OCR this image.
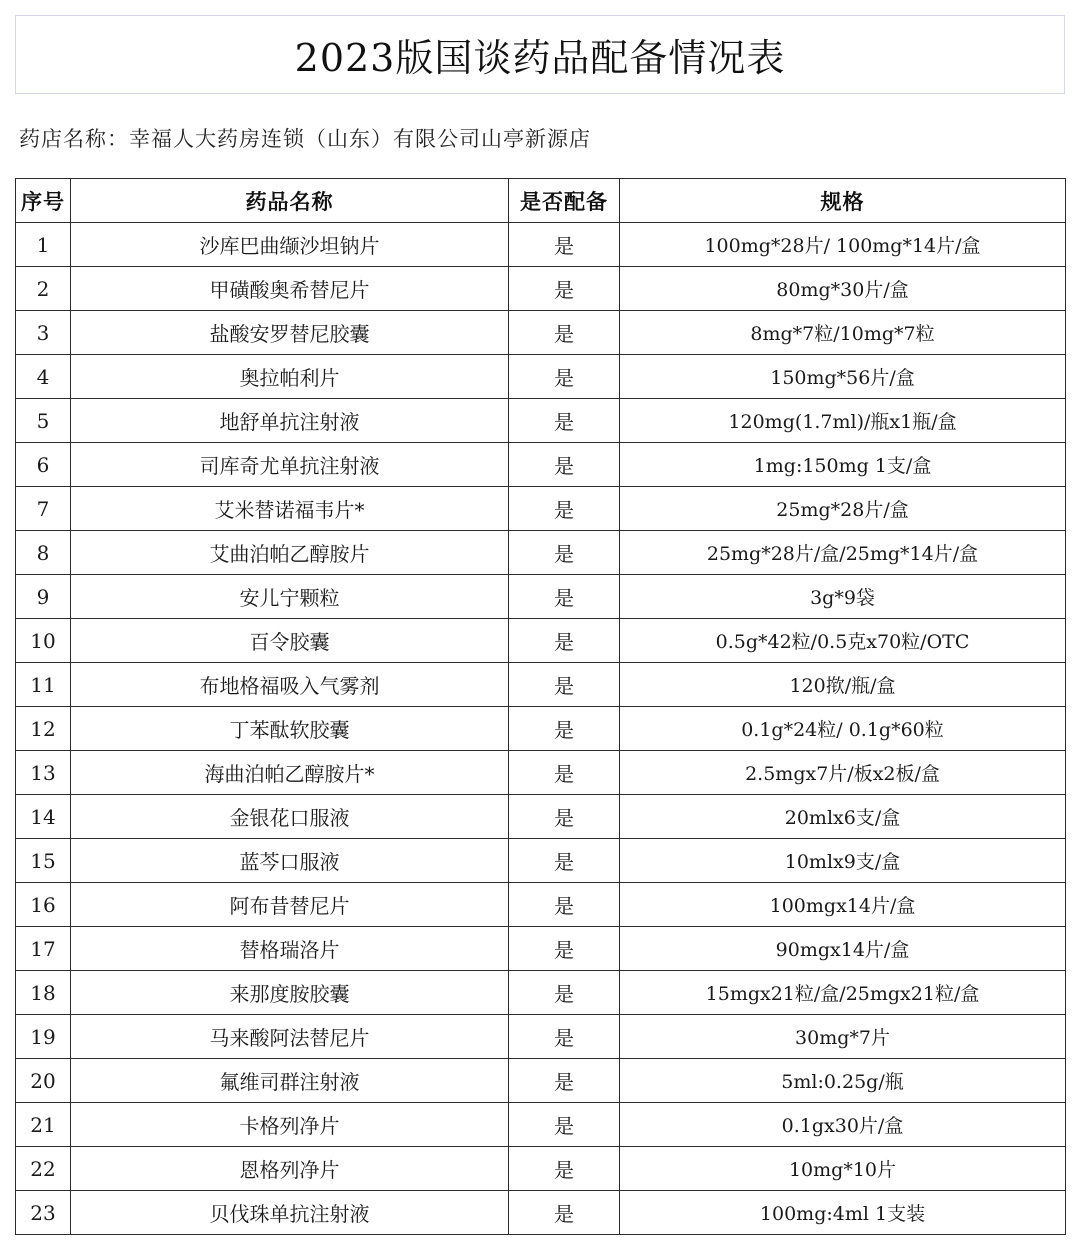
2023版国谈药品配备情况表
药店名称：幸福人大药房连锁（山东）有限公司山亭新源店
序号	药品名称	是否配备	规格
1	沙库巴曲缬沙坦钠片	是	100mg*28片/ 100mg*14片/盒
2	甲磺酸奥希替尼片	是	80mg*30片/盒
3	盐酸安罗替尼胶囊	是	8mg*7粒/10mg*7粒
4	奥拉帕利片	是	150mg*56片/盒
5	地舒单抗注射液	是	120mg(1.7ml)/瓶x1瓶/盒
6	司库奇尤单抗注射液	是	1mg:150mg 1支/盒
7	艾米替诺福韦片*	是	25mg*28片/盒
8	艾曲泊帕乙醇胺片	是	25mg*28片/盒/25mg*14片/盒
9	安儿宁颗粒	是	3g*9袋
10	百令胶囊	是	0.5g*42粒/0.5克x70粒/OTC
11	布地格福吸入气雾剂	是	120揿/瓶/盒
12	丁苯酞软胶囊	是	0.1g*24粒/ 0.1g*60粒
13	海曲泊帕乙醇胺片*	是	2.5mgx7片/板x2板/盒
14	金银花口服液	是	20mlx6支/盒
15	蓝芩口服液	是	10mlx9支/盒
16	阿布昔替尼片	是	100mgx14片/盒
17	替格瑞洛片	是	90mgx14片/盒
18	来那度胺胶囊	是	15mgx21粒/盒/25mgx21粒/盒
19	马来酸阿法替尼片	是	30mg*7片
20	氟维司群注射液	是	5ml:0.25g/瓶
21	卡格列净片	是	0.1gx30片/盒
22	恩格列净片	是	10mg*10片
23	贝伐珠单抗注射液	是	100mg:4ml 1支装
